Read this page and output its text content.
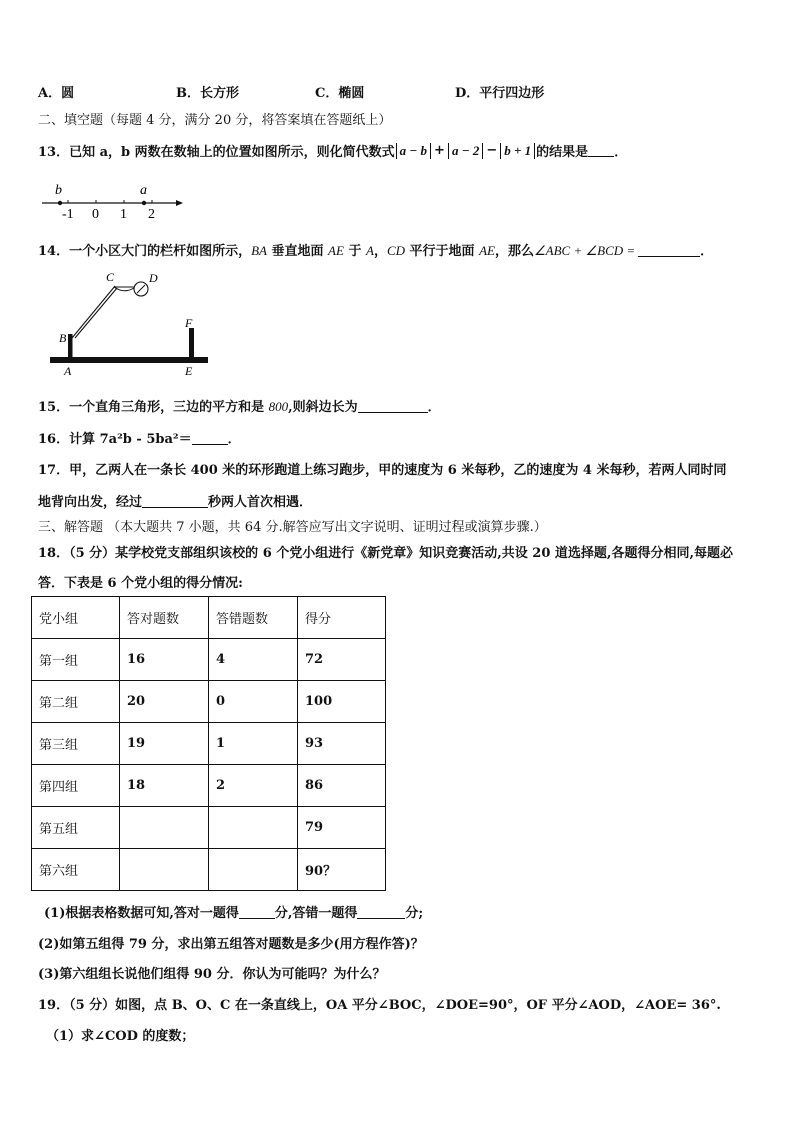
A．圆	B．长方形	C．椭圆	D．平行四边形
二、填空题（每题 4 分，满分 20 分，将答案填在答题纸上）
13．已知 a，b 两数在数轴上的位置如图所示，则化简代数式 a − b + a − 2 − b + 1 的结果是 ．
b	a
-1 0 1 2
14．一个小区大门的栏杆如图所示，BA 垂直地面 AE 于 A，CD 平行于地面 AE，那么∠ABC + ∠BCD =	．
C	D
B
F
A	E
15．一个直角三角形，三边的平方和是 800,则斜边长为	．
16．计算 7a²b - 5ba²＝	．
17．甲，乙两人在一条长 400 米的环形跑道上练习跑步，甲的速度为 6 米每秒，乙的速度为 4 米每秒，若两人同时同
地背向出发，经过	秒两人首次相遇．
三、解答题 （本大题共 7 小题，共 64 分.解答应写出文字说明、证明过程或演算步骤.）
18．（5 分）某学校党支部组织该校的 6 个党小组进行《新党章》知识竞赛活动,共设 20 道选择题,各题得分相同,每题必
答．下表是 6 个党小组的得分情况:
党小组	答对题数	答错题数	得分
第一组	16	4	72
第二组	20	0	100
第三组	19	1	93
第四组	18	2	86
第五组			79
第六组			90？
(1)根据表格数据可知,答对一题得	分,答错一题得	分;
(2)如第五组得 79 分，求出第五组答对题数是多少(用方程作答)？
(3)第六组组长说他们组得 90 分．你认为可能吗？为什么？
19．（5 分）如图，点 B、O、C 在一条直线上，OA 平分∠BOC，∠DOE=90°，OF 平分∠AOD，∠AOE= 36°.
（1）求∠COD 的度数；
